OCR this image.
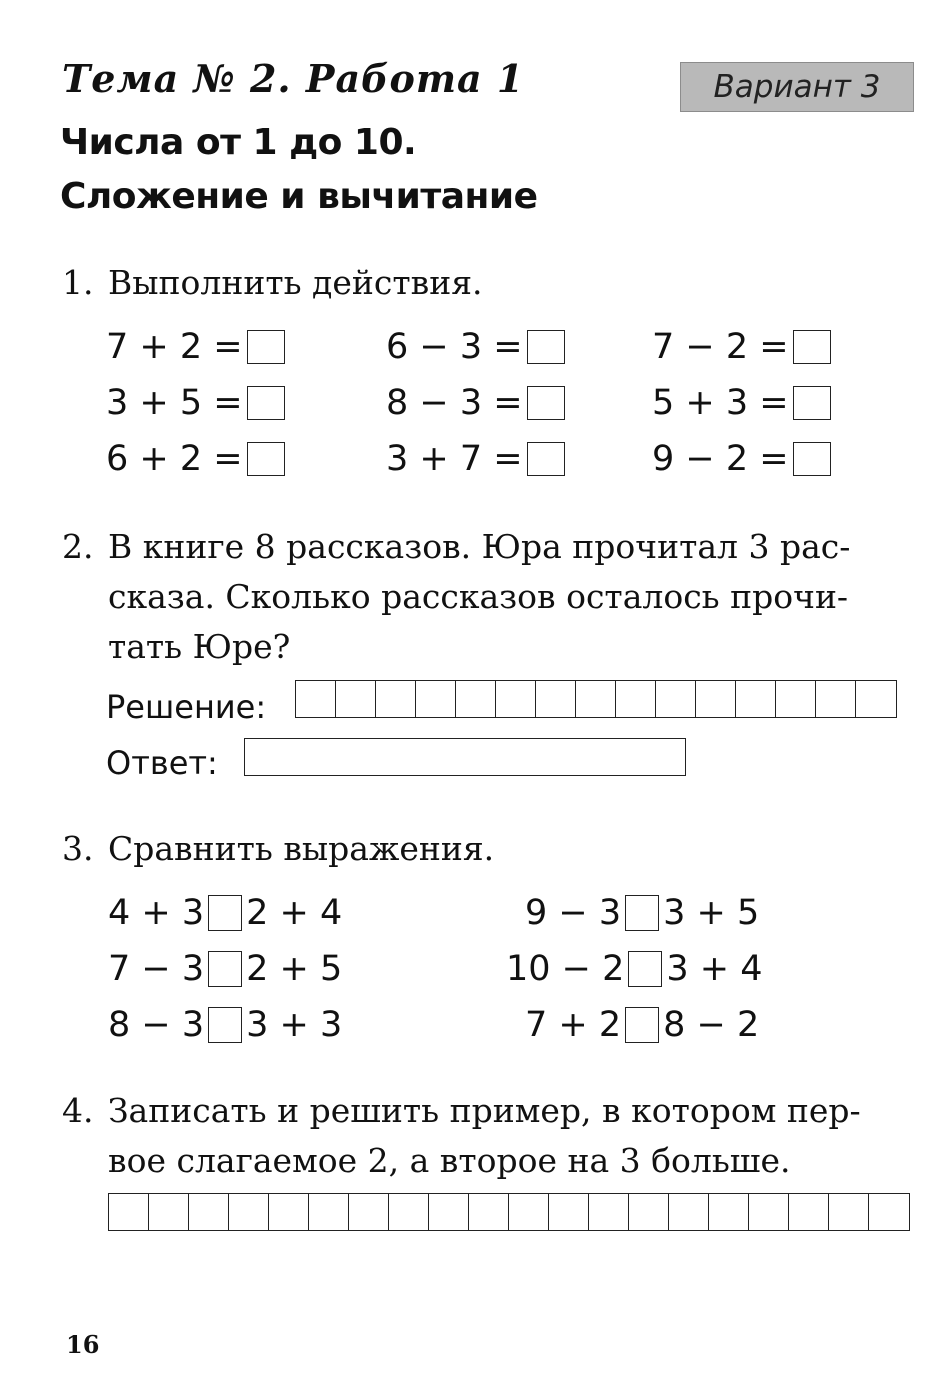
Тема № 2. Работа 1	Вариант 3
Числа от 1 до 10.
Сложение и вычитание
1. Выполнить действия.
7 + 2 =	6 − 3 =	7 − 2 =
3 + 5 =	8 − 3 =	5 + 3 =
6 + 2 =	3 + 7 =	9 − 2 =
2. В книге 8 рассказов. Юра прочитал 3 рас-
сказа. Сколько рассказов осталось прочи-
тать Юре?
Решение:
Ответ:
3. Сравнить выражения.
4 + 3 2 + 4	9 − 3 3 + 5
7 − 3 2 + 5	10 − 2 3 + 4
8 − 3 3 + 3	7 + 2 8 − 2
4. Записать и решить пример, в котором пер-
вое слагаемое 2, а второе на 3 больше.
16
